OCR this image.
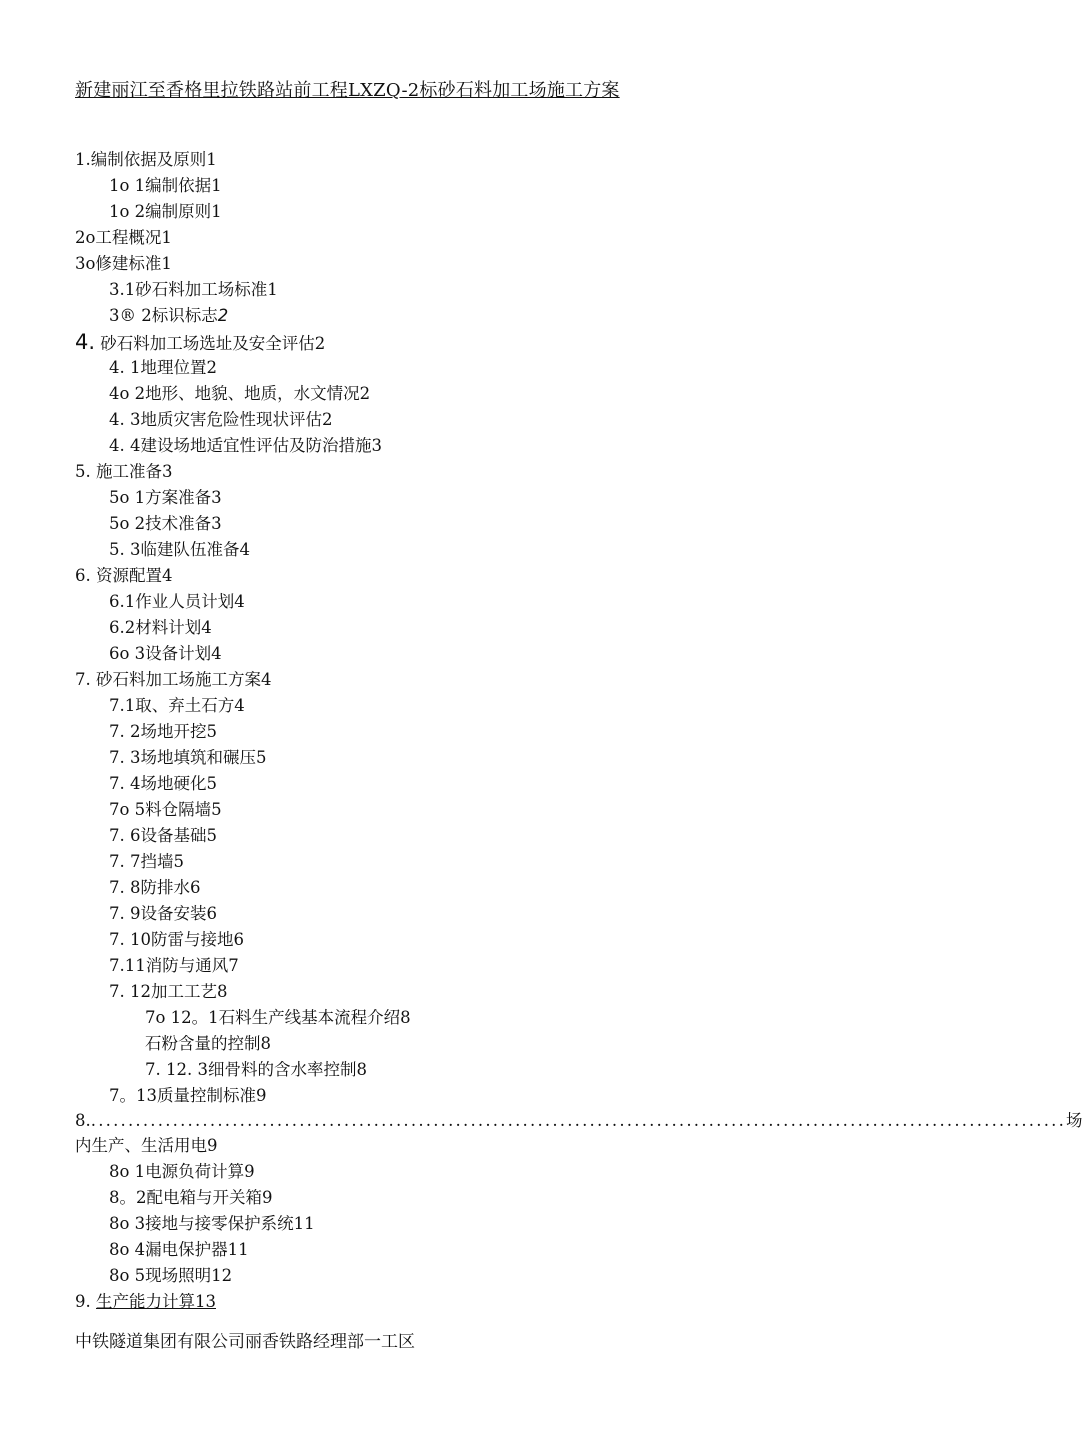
新建丽江至香格里拉铁路站前工程LXZQ-2标砂石料加工场施工方案
1.编制依据及原则1
1o 1编制依据1
1o 2编制原则1
2o工程概况1
3o修建标准1
3.1砂石料加工场标准1
3® 2标识标志2
4. 砂石料加工场选址及安全评估2
4. 1地理位置2
4o 2地形、地貌、地质，水文情况2
4. 3地质灾害危险性现状评估2
4. 4建设场地适宜性评估及防治措施3
5. 施工准备3
5o 1方案准备3
5o 2技术准备3
5. 3临建队伍准备4
6. 资源配置4
6.1作业人员计划4
6.2材料计划4
6o 3设备计划4
7. 砂石料加工场施工方案4
7.1取、弃土石方4
7. 2场地开挖5
7. 3场地填筑和碾压5
7. 4场地硬化5
7o 5料仓隔墙5
7. 6设备基础5
7. 7挡墙5
7. 8防排水6
7. 9设备安装6
7. 10防雷与接地6
7.11消防与通风7
7. 12加工工艺8
7o 12。1石料生产线基本流程介绍8
石粉含量的控制8
7. 12. 3细骨料的含水率控制8
7。13质量控制标准9
8. ................................................................................................................................... 场
内生产、生活用电9
8o 1电源负荷计算9
8。2配电箱与开关箱9
8o 3接地与接零保护系统11
8o 4漏电保护器11
8o 5现场照明12
9. 生产能力计算13
中铁隧道集团有限公司丽香铁路经理部一工区
